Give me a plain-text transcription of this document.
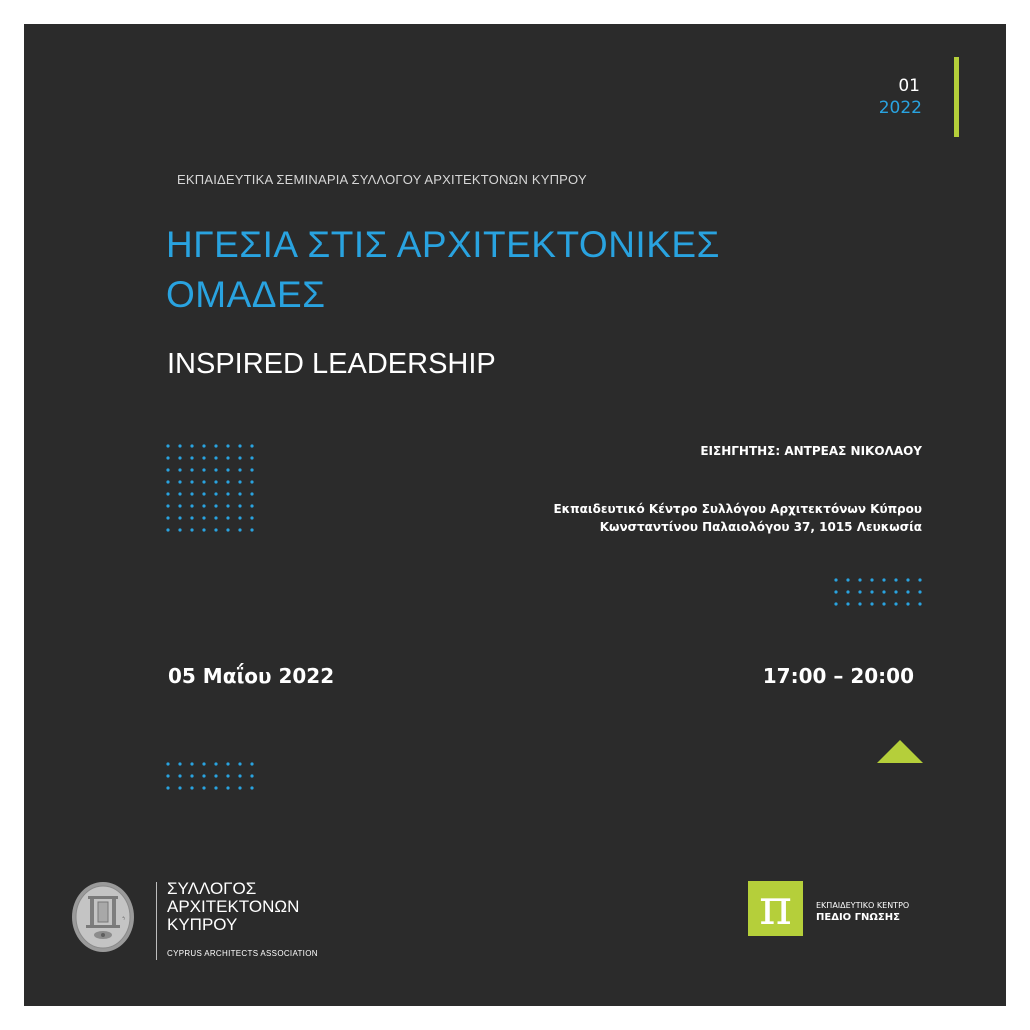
01
2022
ΕΚΠΑΙΔΕΥΤΙΚΑ ΣΕΜΙΝΑΡΙΑ ΣΥΛΛΟΓΟΥ ΑΡΧΙΤΕΚΤΟΝΩΝ ΚΥΠΡΟΥ
ΗΓΕΣΙΑ ΣΤΙΣ ΑΡΧΙΤΕΚΤΟΝΙΚΕΣ
ΟΜΑΔΕΣ
INSPIRED LEADERSHIP
ΕΙΣΗΓΗΤΗΣ: ΑΝΤΡΕΑΣ ΝΙΚΟΛΑΟΥ
Εκπαιδευτικό Κέντρο Συλλόγου Αρχιτεκτόνων Κύπρου
Κωνσταντίνου Παλαιολόγου 37, 1015 Λευκωσία
05 Μαΐου 2022	17:00 – 20:00
ϟ
ΣΥΛΛΟΓΟΣ
ΑΡΧΙΤΕΚΤΟΝΩΝ
ΚΥΠΡΟΥ
CYPRUS ARCHITECTS ASSOCIATION
π	ΕΚΠΑΙΔΕΥΤΙΚΟ ΚΕΝΤΡΟ
ΠΕΔΙΟ ΓΝΩΣΗΣ
